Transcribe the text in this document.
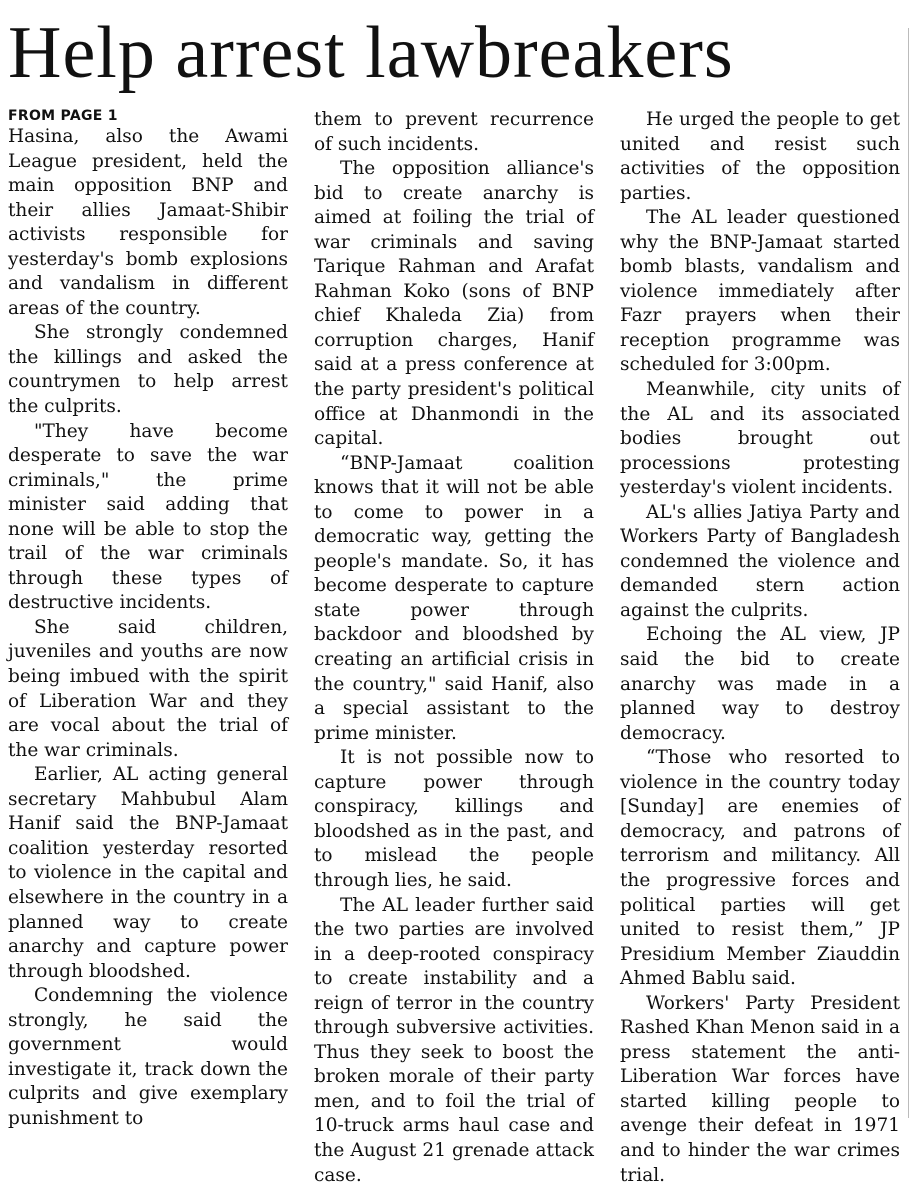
Help arrest lawbreakers
FROM PAGE 1

Hasina, also the Awami League president, held the main opposition BNP and their allies Jamaat-Shibir activists responsible for yesterday's bomb explosions and vandalism in different areas of the country.

She strongly condemned the killings and asked the countrymen to help arrest the culprits.

"They have become desperate to save the war criminals," the prime minister said adding that none will be able to stop the trail of the war criminals through these types of destructive incidents.

She said children, juveniles and youths are now being imbued with the spirit of Liberation War and they are vocal about the trial of the war criminals.

Earlier, AL acting general secretary Mahbubul Alam Hanif said the BNP-Jamaat coalition yesterday resorted to violence in the capital and elsewhere in the country in a planned way to create anarchy and capture power through bloodshed.

Condemning the violence strongly, he said the government would investigate it, track down the culprits and give exemplary punishment to

them to prevent recurrence of such incidents.

The opposition alliance's bid to create anarchy is aimed at foiling the trial of war criminals and saving Tarique Rahman and Arafat Rahman Koko (sons of BNP chief Khaleda Zia) from corruption charges, Hanif said at a press conference at the party president's political office at Dhanmondi in the capital.

“BNP-Jamaat coalition knows that it will not be able to come to power in a democratic way, getting the people's mandate. So, it has become desperate to capture state power through backdoor and bloodshed by creating an artificial crisis in the country," said Hanif, also a special assistant to the prime minister.

It is not possible now to capture power through conspiracy, killings and bloodshed as in the past, and to mislead the people through lies, he said.

The AL leader further said the two parties are involved in a deep-rooted conspiracy to create instability and a reign of terror in the country through subversive activities. Thus they seek to boost the broken morale of their party men, and to foil the trial of 10-truck arms haul case and the August 21 grenade attack case.

He urged the people to get united and resist such activities of the opposition parties.

The AL leader questioned why the BNP-Jamaat started bomb blasts, vandalism and violence immediately after Fazr prayers when their reception programme was scheduled for 3:00pm.

Meanwhile, city units of the AL and its associated bodies brought out processions protesting yesterday's violent incidents.

AL's allies Jatiya Party and Workers Party of Bangladesh condemned the violence and demanded stern action against the culprits.

Echoing the AL view, JP said the bid to create anarchy was made in a planned way to destroy democracy.

“Those who resorted to violence in the country today [Sunday] are enemies of democracy, and patrons of terrorism and militancy. All the progressive forces and political parties will get united to resist them,” JP Presidium Member Ziauddin Ahmed Bablu said.

Workers' Party President Rashed Khan Menon said in a press statement the anti-Liberation War forces have started killing people to avenge their defeat in 1971 and to hinder the war crimes trial.
